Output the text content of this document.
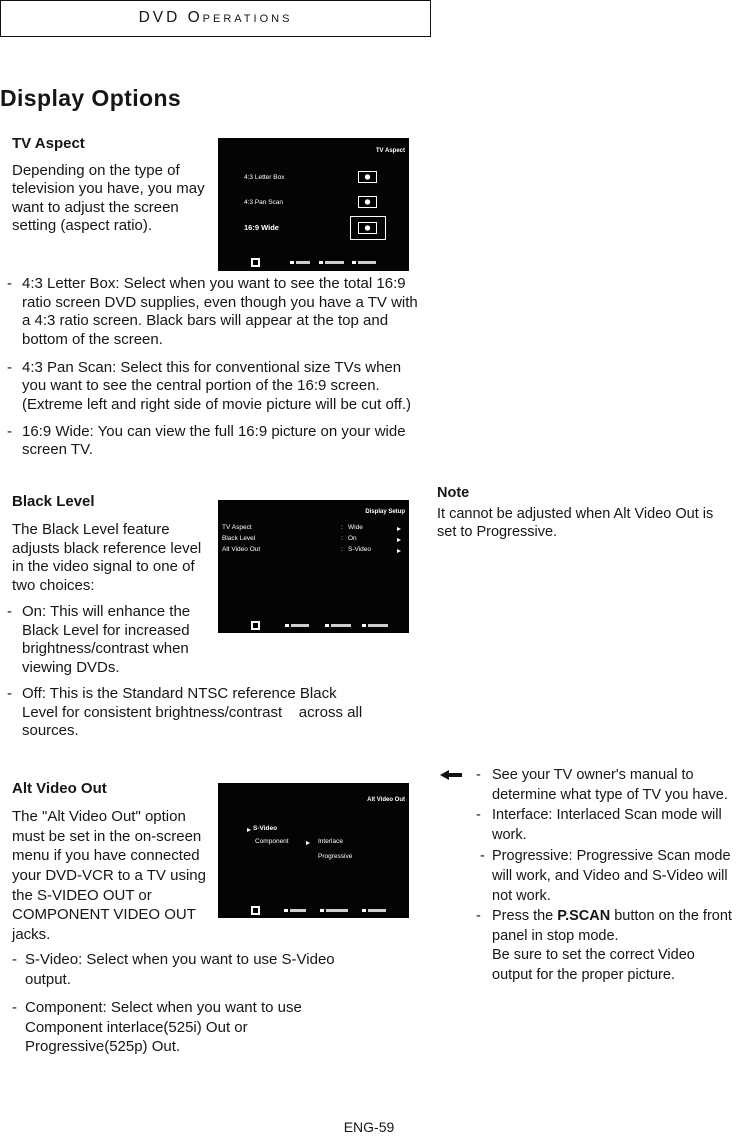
DVD Operations
Display Options
TV Aspect
Depending on the type of
television you have, you may
want to adjust the screen
setting (aspect ratio).
TV Aspect
4:3 Letter Box
4:3 Pan Scan
16:9 Wide
- 4:3 Letter Box: Select when you want to see the total 16:9
ratio screen DVD supplies, even though you have a TV with
a 4:3 ratio screen. Black bars will appear at the top and
bottom of the screen.
- 4:3 Pan Scan: Select this for conventional size TVs when
you want to see the central portion of the 16:9 screen.
(Extreme left and right side of movie picture will be cut off.)
- 16:9 Wide: You can view the full 16:9 picture on your wide
screen TV.
Black Level
The Black Level feature
adjusts black reference level
in the video signal to one of
two choices:
Display Setup
TV Aspect	: Wide
Black Level	: On
Alt Video Out	: S-Video
- On: This will enhance the
Black Level for increased
brightness/contrast when
viewing DVDs.
- Off: This is the Standard NTSC reference Black
Level for consistent brightness/contrast    across all
sources.
Note
It cannot be adjusted when Alt Video Out is
set to Progressive.
Alt Video Out
The "Alt Video Out" option
must be set in the on-screen
menu if you have connected
your DVD-VCR to a TV using
the S-VIDEO OUT or
COMPONENT VIDEO OUT
jacks.
Alt Video Out
S-Video
Component	Interlace
Progressive
- S-Video: Select when you want to use S-Video
output.
- Component: Select when you want to use
Component interlace(525i) Out or
Progressive(525p) Out.
- See your TV owner's manual to
determine what type of TV you have.
- Interface: Interlaced Scan mode will
work.
- Progressive: Progressive Scan mode
will work, and Video and S-Video will
not work.
- Press the P.SCAN button on the front
panel in stop mode.
Be sure to set the correct Video
output for the proper picture.
ENG-59
